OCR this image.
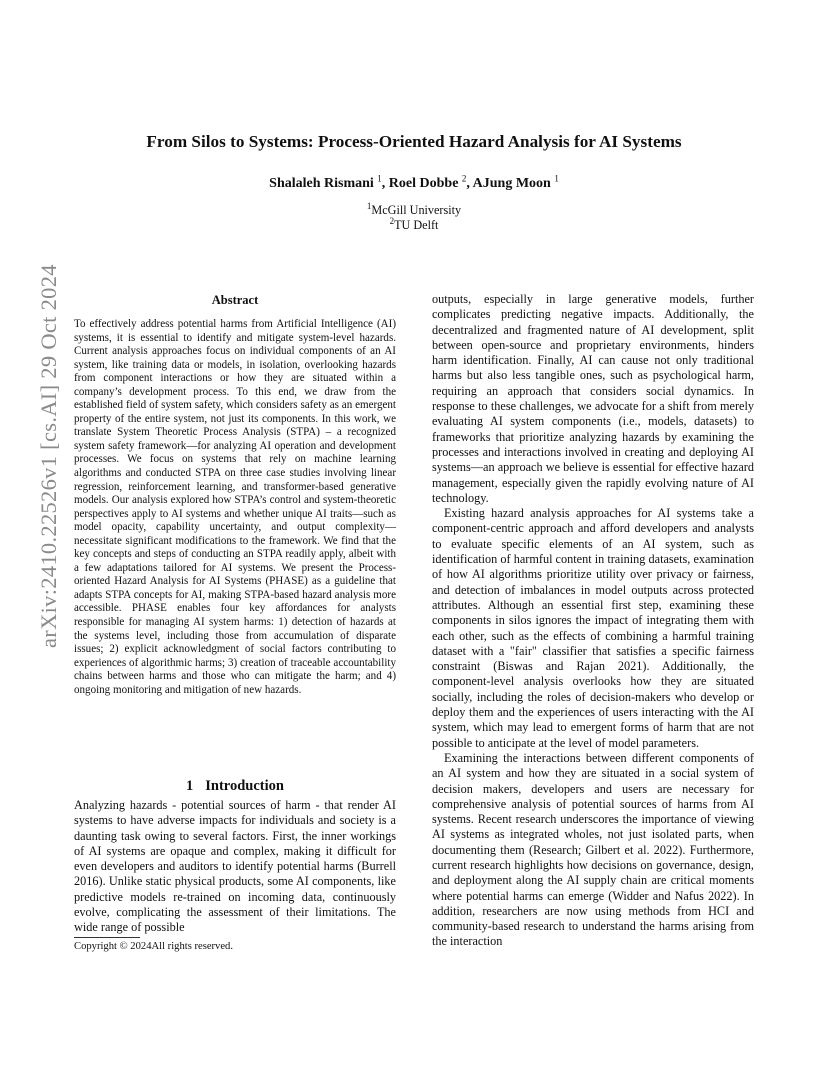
arXiv:2410.22526v1 [cs.AI] 29 Oct 2024
From Silos to Systems: Process-Oriented Hazard Analysis for AI Systems
Shalaleh Rismani $^1$, Roel Dobbe $^2$, AJung Moon $^1$
$^1$McGill University
$^2$TU Delft
Abstract

To effectively address potential harms from Artificial Intelligence (AI) systems, it is essential to identify and mitigate system-level hazards. Current analysis approaches focus on individual components of an AI system, like training data or models, in isolation, overlooking hazards from component interactions or how they are situated within a company’s development process. To this end, we draw from the established field of system safety, which considers safety as an emergent property of the entire system, not just its components. In this work, we translate System Theoretic Process Analysis (STPA) – a recognized system safety framework—for analyzing AI operation and development processes. We focus on systems that rely on machine learning algorithms and conducted STPA on three case studies involving linear regression, reinforcement learning, and transformer-based generative models. Our analysis explored how STPA’s control and system-theoretic perspectives apply to AI systems and whether unique AI traits—such as model opacity, capability uncertainty, and output complexity—necessitate significant modifications to the framework. We find that the key concepts and steps of conducting an STPA readily apply, albeit with a few adaptations tailored for AI systems. We present the Process-oriented Hazard Analysis for AI Systems (PHASE) as a guideline that adapts STPA concepts for AI, making STPA-based hazard analysis more accessible. PHASE enables four key affordances for analysts responsible for managing AI system harms: 1) detection of hazards at the systems level, including those from accumulation of disparate issues; 2) explicit acknowledgment of social factors contributing to experiences of algorithmic harms; 3) creation of traceable accountability chains between harms and those who can mitigate the harm; and 4) ongoing monitoring and mitigation of new hazards.

1 Introduction

Analyzing hazards - potential sources of harm - that render AI systems to have adverse impacts for individuals and society is a daunting task owing to several factors. First, the inner workings of AI systems are opaque and complex, making it difficult for even developers and auditors to identify potential harms (Burrell 2016). Unlike static physical products, some AI components, like predictive models re-trained on incoming data, continuously evolve, complicating the assessment of their limitations. The wide range of possible

outputs, especially in large generative models, further complicates predicting negative impacts. Additionally, the decentralized and fragmented nature of AI development, split between open-source and proprietary environments, hinders harm identification. Finally, AI can cause not only traditional harms but also less tangible ones, such as psychological harm, requiring an approach that considers social dynamics. In response to these challenges, we advocate for a shift from merely evaluating AI system components (i.e., models, datasets) to frameworks that prioritize analyzing hazards by examining the processes and interactions involved in creating and deploying AI systems—an approach we believe is essential for effective hazard management, especially given the rapidly evolving nature of AI technology.

Existing hazard analysis approaches for AI systems take a component-centric approach and afford developers and analysts to evaluate specific elements of an AI system, such as identification of harmful content in training datasets, examination of how AI algorithms prioritize utility over privacy or fairness, and detection of imbalances in model outputs across protected attributes. Although an essential first step, examining these components in silos ignores the impact of integrating them with each other, such as the effects of combining a harmful training dataset with a "fair" classifier that satisfies a specific fairness constraint (Biswas and Rajan 2021). Additionally, the component-level analysis overlooks how they are situated socially, including the roles of decision-makers who develop or deploy them and the experiences of users interacting with the AI system, which may lead to emergent forms of harm that are not possible to anticipate at the level of model parameters.

Examining the interactions between different components of an AI system and how they are situated in a social system of decision makers, developers and users are necessary for comprehensive analysis of potential sources of harms from AI systems. Recent research underscores the importance of viewing AI systems as integrated wholes, not just isolated parts, when documenting them (Research; Gilbert et al. 2022). Furthermore, current research highlights how decisions on governance, design, and deployment along the AI supply chain are critical moments where potential harms can emerge (Widder and Nafus 2022). In addition, researchers are now using methods from HCI and community-based research to understand the harms arising from the interaction

Copyright © 2024All rights reserved.
